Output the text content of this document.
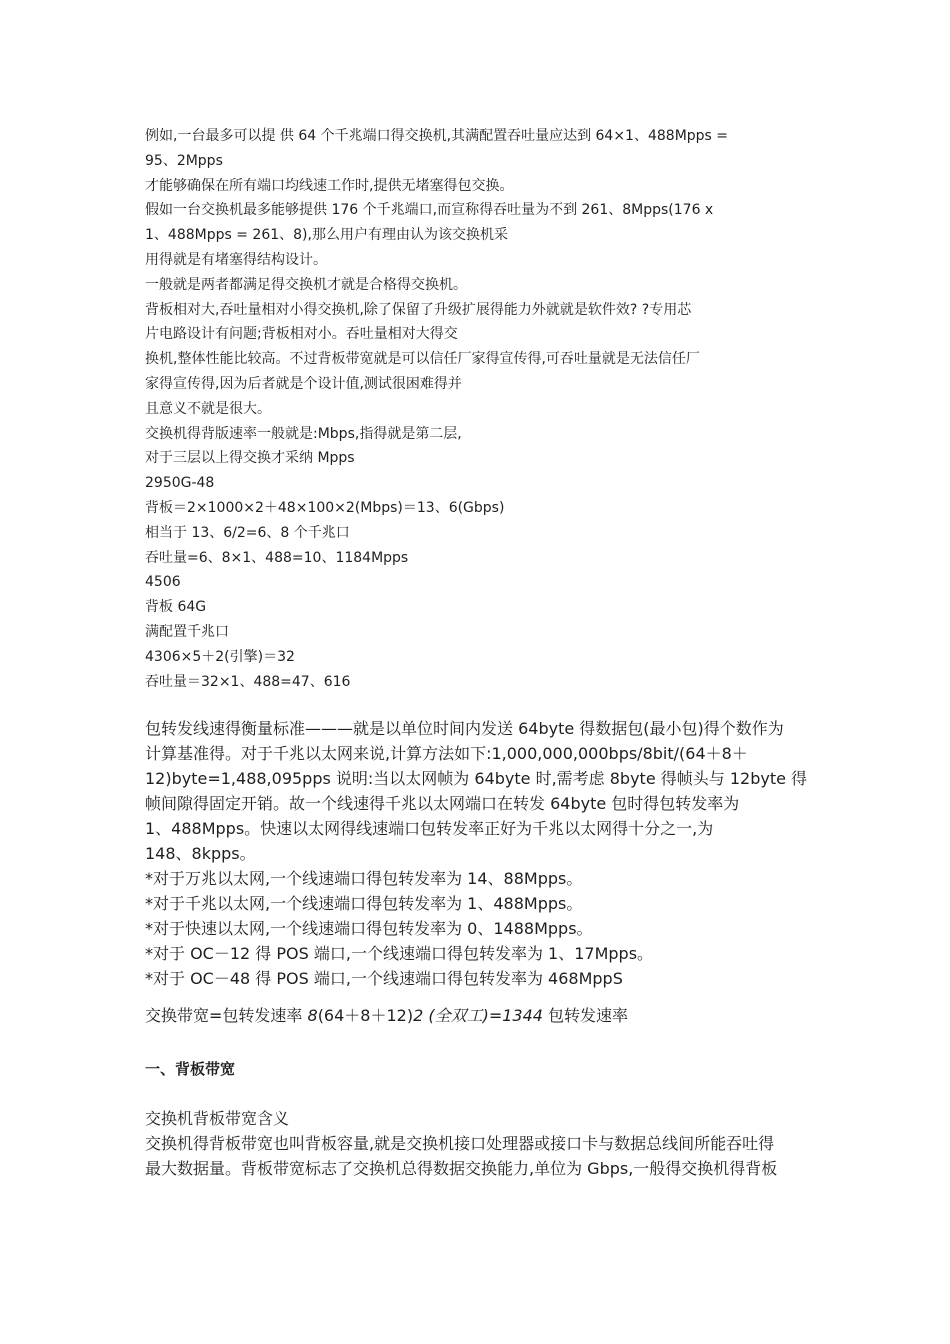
例如,一台最多可以提 供 64 个千兆端口得交换机,其满配置吞吐量应达到 64×1、488Mpps =

95、2Mpps

才能够确保在所有端口均线速工作时,提供无堵塞得包交换。

假如一台交换机最多能够提供 176 个千兆端口,而宣称得吞吐量为不到 261、8Mpps(176 x

1、488Mpps = 261、8),那么用户有理由认为该交换机采

用得就是有堵塞得结构设计。

一般就是两者都满足得交换机才就是合格得交换机。

背板相对大,吞吐量相对小得交换机,除了保留了升级扩展得能力外就就是软件效? ?专用芯

片电路设计有问题;背板相对小。吞吐量相对大得交

换机,整体性能比较高。不过背板带宽就是可以信任厂家得宣传得,可吞吐量就是无法信任厂

家得宣传得,因为后者就是个设计值,测试很困难得并

且意义不就是很大。

交换机得背版速率一般就是:Mbps,指得就是第二层,

对于三层以上得交换才采纳 Mpps

2950G-48

背板＝2×1000×2＋48×100×2(Mbps)＝13、6(Gbps)

相当于 13、6/2=6、8 个千兆口

吞吐量=6、8×1、488=10、1184Mpps

4506

背板 64G

满配置千兆口

4306×5＋2(引擎)＝32

吞吐量＝32×1、488=47、616

包转发线速得衡量标准———就是以单位时间内发送 64byte 得数据包(最小包)得个数作为

计算基准得。对于千兆以太网来说,计算方法如下:1,000,000,000bps/8bit/(64＋8＋

12)byte=1,488,095pps 说明:当以太网帧为 64byte 时,需考虑 8byte 得帧头与 12byte 得

帧间隙得固定开销。故一个线速得千兆以太网端口在转发 64byte 包时得包转发率为

1、488Mpps。快速以太网得线速端口包转发率正好为千兆以太网得十分之一,为

148、8kpps。

*对于万兆以太网,一个线速端口得包转发率为 14、88Mpps。

*对于千兆以太网,一个线速端口得包转发率为 1、488Mpps。

*对于快速以太网,一个线速端口得包转发率为 0、1488Mpps。

*对于 OC－12 得 POS 端口,一个线速端口得包转发率为 1、17Mpps。

*对于 OC－48 得 POS 端口,一个线速端口得包转发率为 468MppS

交换带宽=包转发速率 8(64＋8＋12)2 (全双工)=1344 包转发速率

一、背板带宽

交换机背板带宽含义

交换机得背板带宽也叫背板容量,就是交换机接口处理器或接口卡与数据总线间所能吞吐得

最大数据量。背板带宽标志了交换机总得数据交换能力,单位为 Gbps,一般得交换机得背板
